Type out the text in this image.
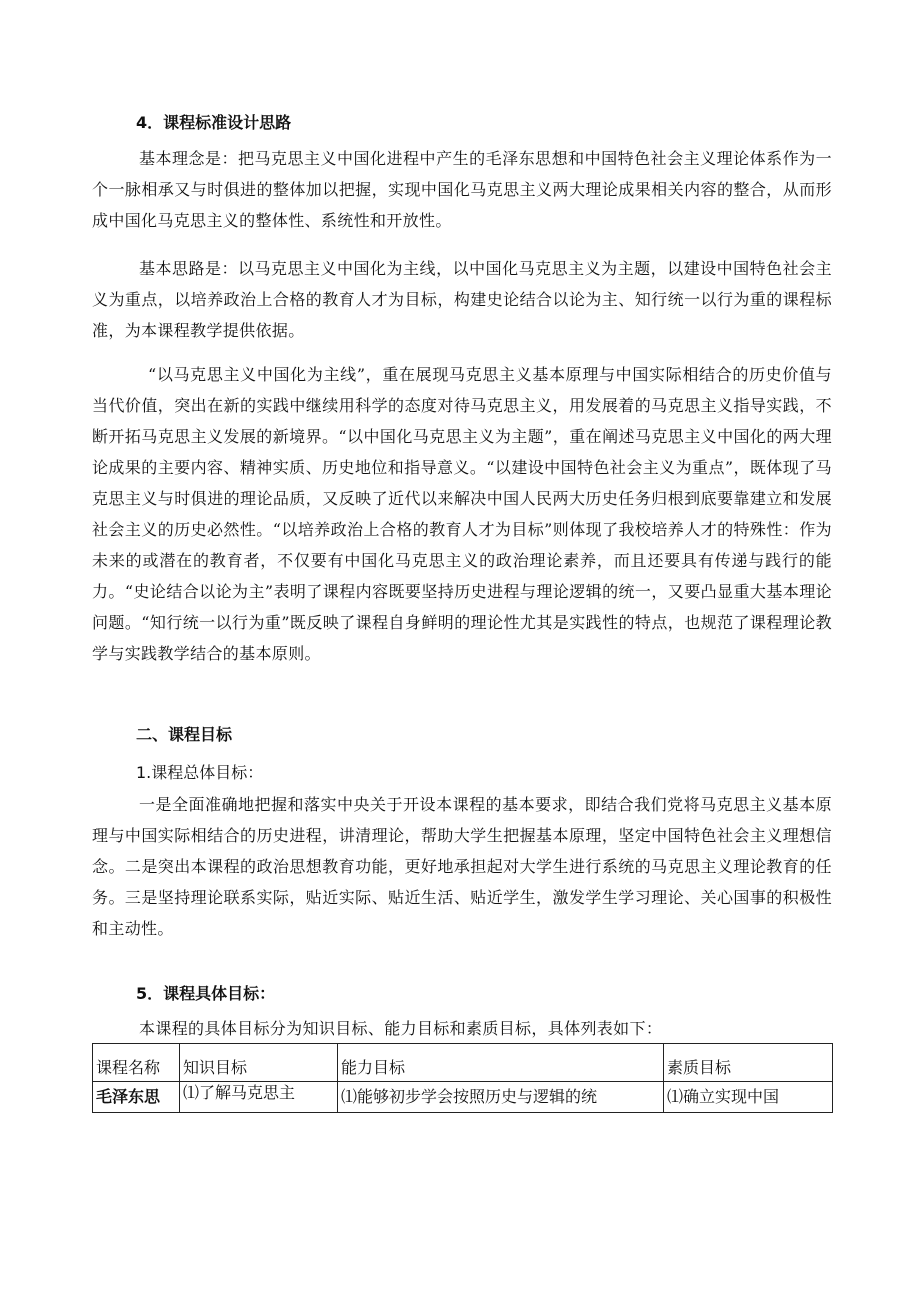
4．课程标准设计思路

基本理念是：把马克思主义中国化进程中产生的毛泽东思想和中国特色社会主义理论体系作为一个一脉相承又与时俱进的整体加以把握，实现中国化马克思主义两大理论成果相关内容的整合，从而形成中国化马克思主义的整体性、系统性和开放性。

基本思路是：以马克思主义中国化为主线，以中国化马克思主义为主题，以建设中国特色社会主义为重点，以培养政治上合格的教育人才为目标，构建史论结合以论为主、知行统一以行为重的课程标准，为本课程教学提供依据。

“以马克思主义中国化为主线”，重在展现马克思主义基本原理与中国实际相结合的历史价值与当代价值，突出在新的实践中继续用科学的态度对待马克思主义，用发展着的马克思主义指导实践，不断开拓马克思主义发展的新境界。“以中国化马克思主义为主题”，重在阐述马克思主义中国化的两大理论成果的主要内容、精神实质、历史地位和指导意义。“以建设中国特色社会主义为重点”，既体现了马克思主义与时俱进的理论品质，又反映了近代以来解决中国人民两大历史任务归根到底要靠建立和发展社会主义的历史必然性。“以培养政治上合格的教育人才为目标”则体现了我校培养人才的特殊性：作为未来的或潜在的教育者，不仅要有中国化马克思主义的政治理论素养，而且还要具有传递与践行的能力。“史论结合以论为主”表明了课程内容既要坚持历史进程与理论逻辑的统一，又要凸显重大基本理论问题。“知行统一以行为重”既反映了课程自身鲜明的理论性尤其是实践性的特点，也规范了课程理论教学与实践教学结合的基本原则。

二、课程目标
1.课程总体目标：

一是全面准确地把握和落实中央关于开设本课程的基本要求，即结合我们党将马克思主义基本原理与中国实际相结合的历史进程，讲清理论，帮助大学生把握基本原理，坚定中国特色社会主义理想信念。二是突出本课程的政治思想教育功能，更好地承担起对大学生进行系统的马克思主义理论教育的任务。三是坚持理论联系实际，贴近实际、贴近生活、贴近学生，激发学生学习理论、关心国事的积极性和主动性。

5．课程具体目标：

本课程的具体目标分为知识目标、能力目标和素质目标，具体列表如下：

课程名称	知识目标	能力目标	素质目标
毛泽东思	⑴了解马克思主	⑴能够初步学会按照历史与逻辑的统	⑴确立实现中国
